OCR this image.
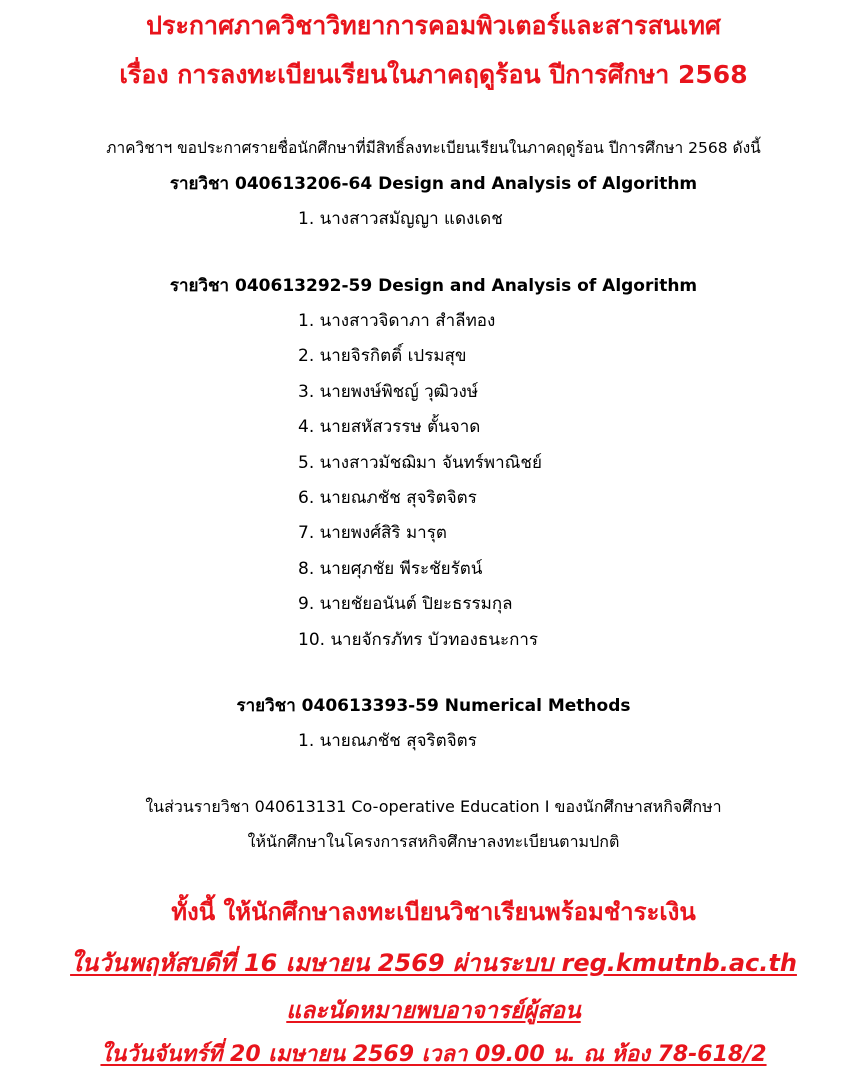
ประกาศภาควิชาวิทยาการคอมพิวเตอร์และสารสนเทศ
เรื่อง การลงทะเบียนเรียนในภาคฤดูร้อน ปีการศึกษา 2568
ภาควิชาฯ ขอประกาศรายชื่อนักศึกษาที่มีสิทธิ์ลงทะเบียนเรียนในภาคฤดูร้อน ปีการศึกษา 2568 ดังนี้
รายวิชา 040613206-64 Design and Analysis of Algorithm
1. นางสาวสมัญญา แดงเดช
รายวิชา 040613292-59 Design and Analysis of Algorithm
1. นางสาวจิดาภา สำลีทอง
2. นายจิรกิตติ์ เปรมสุข
3. นายพงษ์พิชญ์ วุฒิวงษ์
4. นายสหัสวรรษ ตั้นจาด
5. นางสาวมัชฌิมา จันทร์พาณิชย์
6. นายณภชัช สุจริตจิตร
7. นายพงศ์สิริ มารุต
8. นายศุภชัย พีระชัยรัตน์
9. นายชัยอนันต์ ปิยะธรรมกุล
10. นายจักรภัทร บัวทองธนะการ
รายวิชา 040613393-59 Numerical Methods
1. นายณภชัช สุจริตจิตร
ในส่วนรายวิชา 040613131 Co-operative Education I ของนักศึกษาสหกิจศึกษา
ให้นักศึกษาในโครงการสหกิจศึกษาลงทะเบียนตามปกติ
ทั้งนี้ ให้นักศึกษาลงทะเบียนวิชาเรียนพร้อมชำระเงิน
ในวันพฤหัสบดีที่ 16 เมษายน 2569 ผ่านระบบ reg.kmutnb.ac.th
และนัดหมายพบอาจารย์ผู้สอน
ในวันจันทร์ที่ 20 เมษายน 2569 เวลา 09.00 น. ณ ห้อง 78-618/2
